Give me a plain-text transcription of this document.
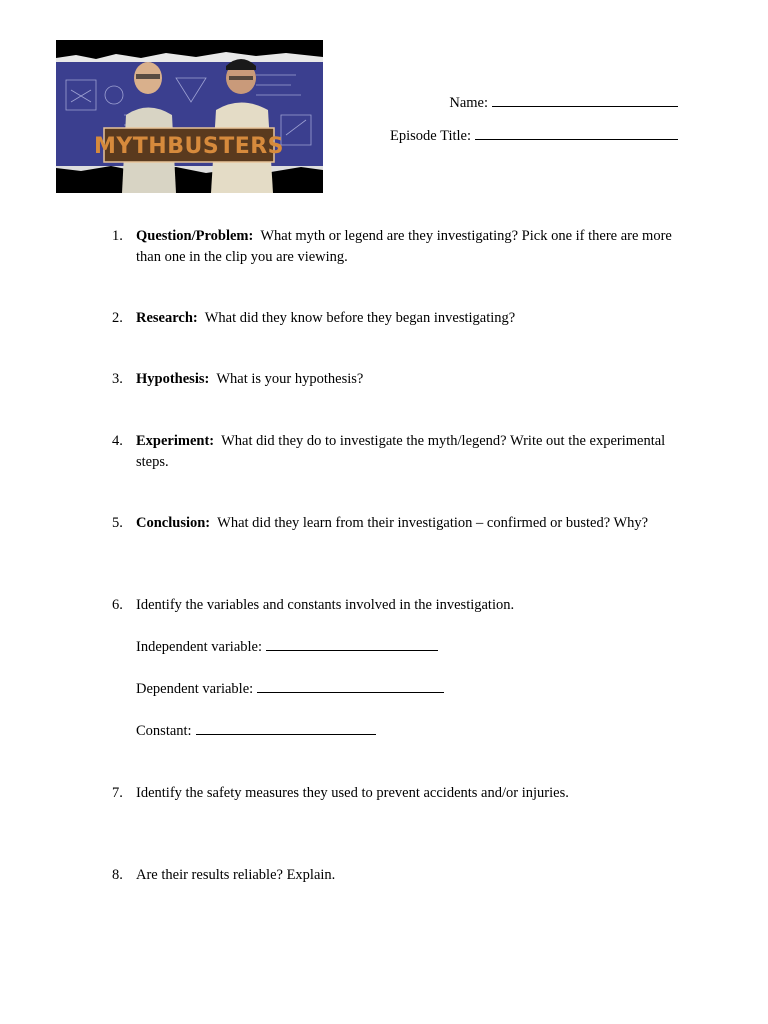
MYTHBUSTERS
Name:
Episode Title:
1. Question/Problem: What myth or legend are they investigating? Pick one if there are more than one in the clip you are viewing.
2. Research: What did they know before they began investigating?
3. Hypothesis: What is your hypothesis?
4. Experiment: What did they do to investigate the myth/legend? Write out the experimental steps.
5. Conclusion: What did they learn from their investigation – confirmed or busted? Why?
6. Identify the variables and constants involved in the investigation.
Independent variable:
Dependent variable:
Constant:
7. Identify the safety measures they used to prevent accidents and/or injuries.
8. Are their results reliable? Explain.
